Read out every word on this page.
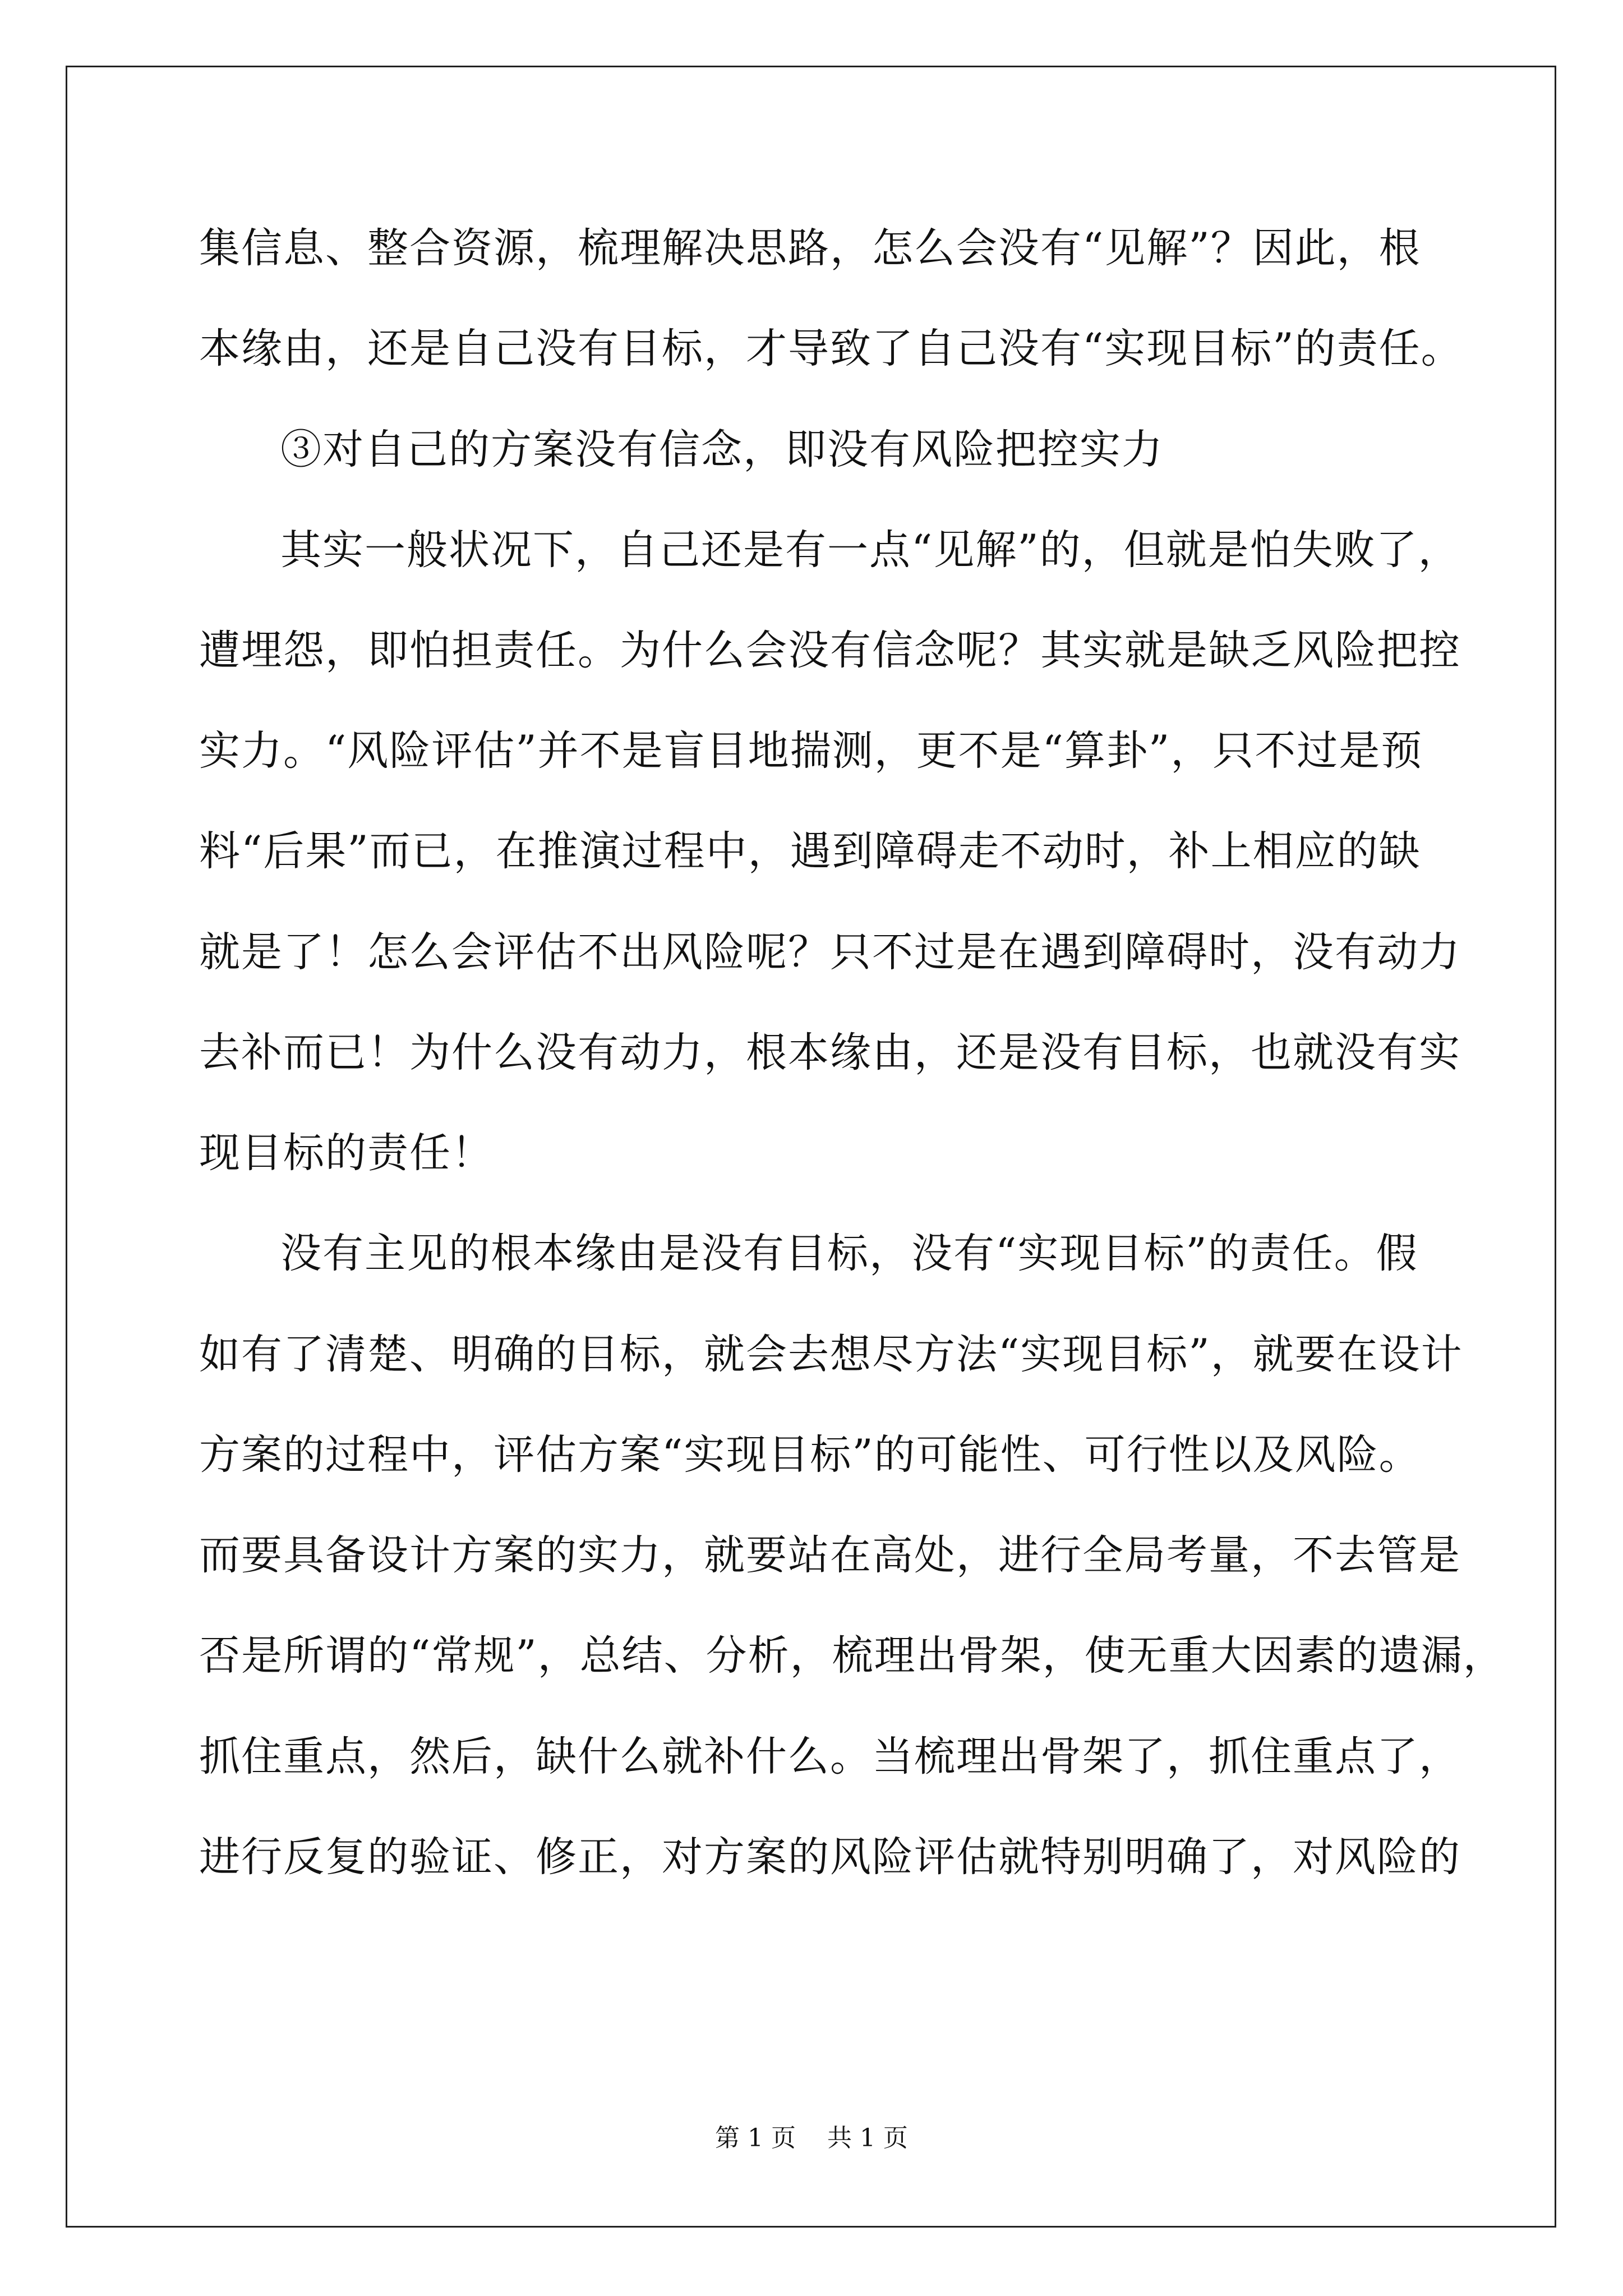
集信息、整合资源，梳理解决思路，怎么会没有“见解”？因此，根
本缘由，还是自己没有目标，才导致了自己没有“实现目标”的责任。
③对自己的方案没有信念，即没有风险把控实力
其实一般状况下，自己还是有一点“见解”的，但就是怕失败了，
遭埋怨，即怕担责任。为什么会没有信念呢？其实就是缺乏风险把控
实力。“风险评估”并不是盲目地揣测，更不是“算卦”，只不过是预
料“后果”而已，在推演过程中，遇到障碍走不动时，补上相应的缺
就是了！怎么会评估不出风险呢？只不过是在遇到障碍时，没有动力
去补而已！为什么没有动力，根本缘由，还是没有目标，也就没有实
现目标的责任！
没有主见的根本缘由是没有目标，没有“实现目标”的责任。假
如有了清楚、明确的目标，就会去想尽方法“实现目标”，就要在设计
方案的过程中，评估方案“实现目标”的可能性、可行性以及风险。
而要具备设计方案的实力，就要站在高处，进行全局考量，不去管是
否是所谓的“常规”，总结、分析，梳理出骨架，使无重大因素的遗漏，
抓住重点，然后，缺什么就补什么。当梳理出骨架了，抓住重点了，
进行反复的验证、修正，对方案的风险评估就特别明确了，对风险的
第 1 页    共 1 页
